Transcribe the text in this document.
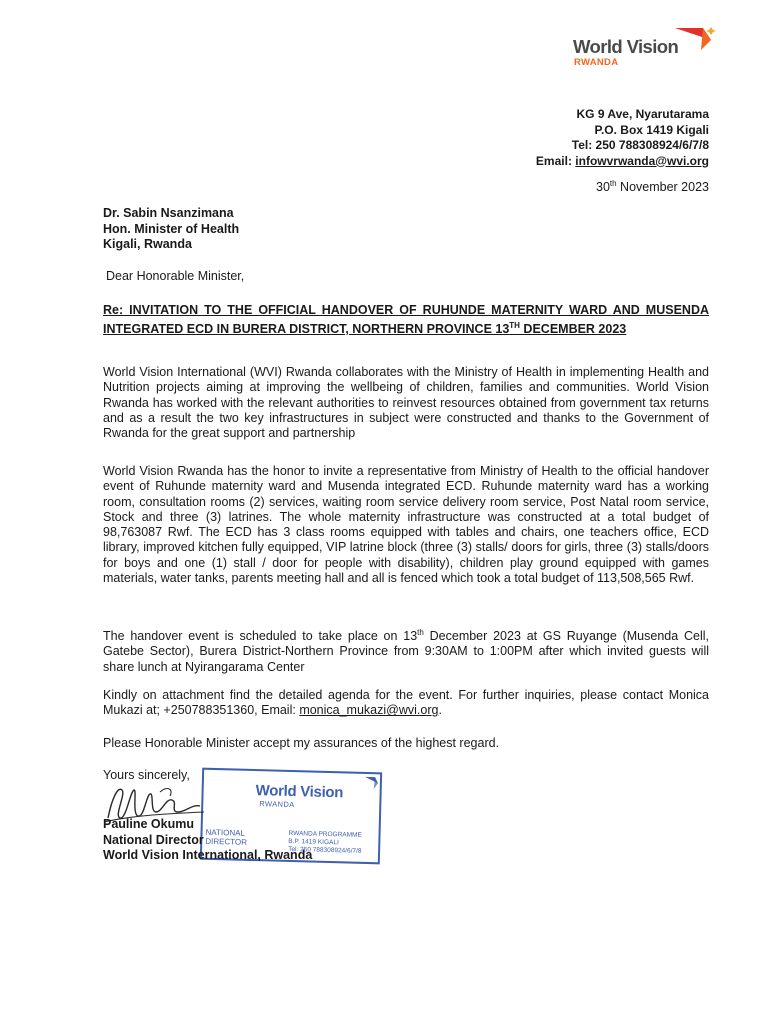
World Vision
RWANDA
KG 9 Ave, Nyarutarama
P.O. Box 1419 Kigali
Tel: 250 788308924/6/7/8
Email: infowvrwanda@wvi.org
30th November 2023
Dr. Sabin Nsanzimana
Hon. Minister of Health
Kigali, Rwanda
Dear Honorable Minister,
Re: INVITATION TO THE OFFICIAL HANDOVER OF RUHUNDE MATERNITY WARD AND MUSENDA INTEGRATED ECD IN BURERA DISTRICT, NORTHERN PROVINCE 13TH DECEMBER 2023
World Vision International (WVI) Rwanda collaborates with the Ministry of Health in implementing Health and Nutrition projects aiming at improving the wellbeing of children, families and communities. World Vision Rwanda has worked with the relevant authorities to reinvest resources obtained from government tax returns and as a result the two key infrastructures in subject were constructed and thanks to the Government of Rwanda for the great support and partnership
World Vision Rwanda has the honor to invite a representative from Ministry of Health to the official handover event of Ruhunde maternity ward and Musenda integrated ECD. Ruhunde maternity ward has a working room, consultation rooms (2) services, waiting room service delivery room service, Post Natal room service, Stock and three (3) latrines. The whole maternity infrastructure was constructed at a total budget of 98,763087 Rwf. The ECD has 3 class rooms equipped with tables and chairs, one teachers office, ECD library, improved kitchen fully equipped, VIP latrine block (three (3) stalls/ doors for girls, three (3) stalls/doors for boys and one (1) stall / door for people with disability), children play ground equipped with games materials, water tanks, parents meeting hall and all is fenced which took a total budget of 113,508,565 Rwf.
The handover event is scheduled to take place on 13th December 2023 at GS Ruyange (Musenda Cell, Gatebe Sector), Burera District-Northern Province from 9:30AM to 1:00PM after which invited guests will share lunch at Nyirangarama Center
Kindly on attachment find the detailed agenda for the event. For further inquiries, please contact Monica Mukazi at; +250788351360, Email: monica_mukazi@wvi.org.
Please Honorable Minister accept my assurances of the highest regard.
Yours sincerely,
World Vision
RWANDA
NATIONAL
DIRECTOR
RWANDA PROGRAMME
B.P. 1419 KIGALI
Tel: 250 788308924/6/7/8
Pauline Okumu
National Director
World Vision International, Rwanda
